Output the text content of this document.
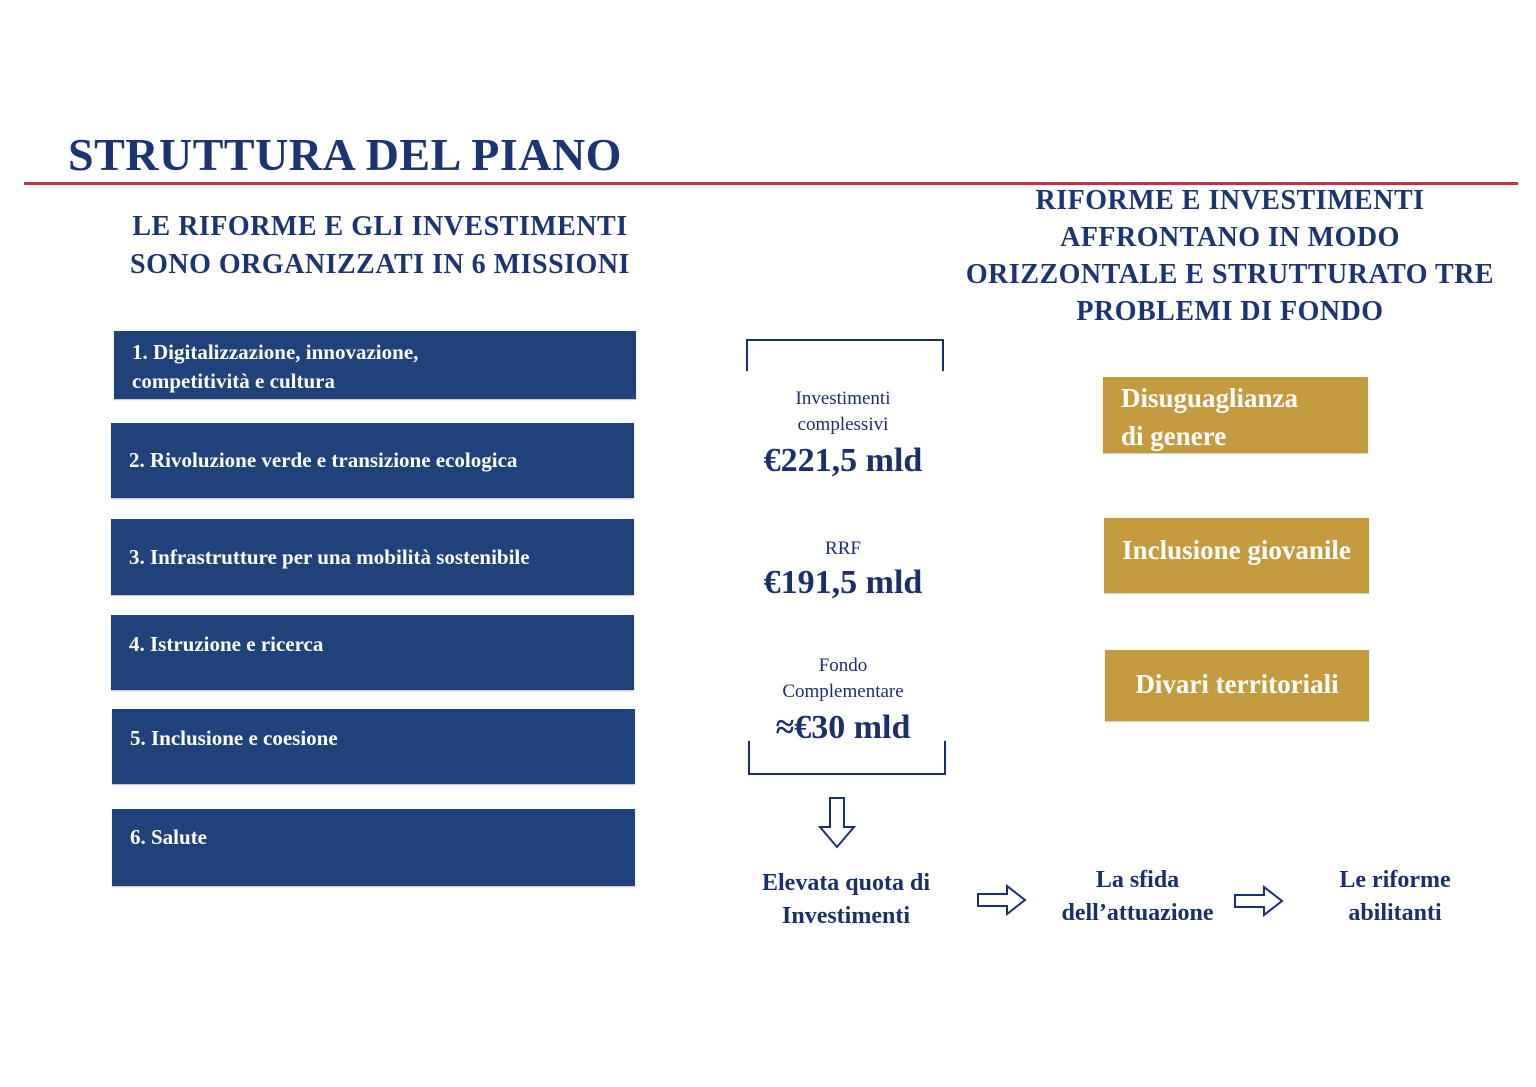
STRUTTURA DEL PIANO
LE RIFORME E GLI INVESTIMENTI
SONO ORGANIZZATI IN 6 MISSIONI
1. Digitalizzazione, innovazione,
competitività e cultura
2. Rivoluzione verde e transizione ecologica
3. Infrastrutture per una mobilità sostenibile
4. Istruzione e ricerca
5. Inclusione e coesione
6. Salute
Investimenti
complessivi
€221,5 mld
RRF
€191,5 mld
Fondo
Complementare
≈€30 mld
RIFORME E INVESTIMENTI
AFFRONTANO IN MODO
ORIZZONTALE E STRUTTURATO TRE
PROBLEMI DI FONDO
Disuguaglianza
di genere
Inclusione giovanile
Divari territoriali
Elevata quota di
Investimenti
La sfida
dell’attuazione
Le riforme
abilitanti
